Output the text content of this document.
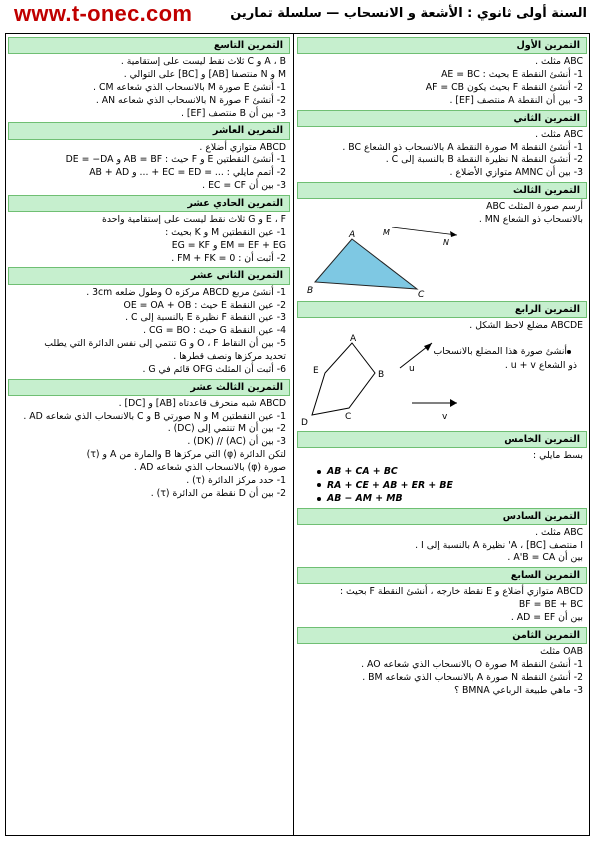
السنة أولى ثانوي : الأشعة و الانسحاب — سلسلة تمارين
www.t-onec.com
التمرين التاسع
A ، B و C ثلاث نقط ليست على إستقامية .
M و N منتصفا [AB] و [BC] على التوالي .
1- أنشئ E صورة M بالانسحاب الذي شعاعه CM .
2- أنشئ F صورة N بالانسحاب الذي شعاعه AN .
3- بين أن B منتصف [EF] .
التمرين العاشر
ABCD متوازي أضلاع .
1- أنشئ النقطتين E و F حيث : AB = BF و DE = −DA
2- أتمم مايلي : ... = EC = ED + ... و AB + AD
3- بين أن EC = CF .
التمرين الحادي عشر
E ، F و G ثلاث نقط ليست على إستقامية واحدة
1- عين النقطتين M و K بحيث :
EM = EF + EG و EG = KF
2- أثبت أن : FM + FK = 0 .
التمرين الثاني عشر
1- أنشئ مربع ABCD مركزه O وطول ضلعه 3cm .
2- عين النقطة E حيث : OE = OA + OB
3- عين النقطة F نظيرة E بالنسبة إلى C .
4- عين النقطة G حيث : CG = BO .
5- بين أن النقاط O ، F و G تنتمي إلى نفس الدائرة التي يطلب
تحديد مركزها ونصف قطرها .
6- أثبت أن المثلث OFG قائم في G .
التمرين الثالث عشر
ABCD شبه منحرف قاعدتاه [AB] و [DC] .
1- عين النقطتين M و N صورتي B و C بالانسحاب الذي شعاعه AD .
2- بين أن M تنتمي إلى (DC) .
3- بين أن (AC) // (DK) .
لتكن الدائرة (φ) التي مركزها B والمارة من A و (τ)
صورة (φ) بالانسحاب الذي شعاعه AD .
1- حدد مركز الدائرة (τ) .
2- بين أن D نقطة من الدائرة (τ) .
التمرين الأول
ABC مثلث .
1- أنشئ النقطة E بحيث : AE = BC
2- أنشئ النقطة F بحيث يكون AF = CB
3- بين أن النقطة A منتصف [EF] .
التمرين الثاني
ABC مثلث .
1- أنشئ النقطة M صورة النقطة A بالانسحاب ذو الشعاع BC .
2- أنشئ النقطة N نظيرة النقطة B بالنسبة إلى C .
3- بين أن AMNC متوازي الأضلاع .
التمرين الثالث
أرسم صورة المثلث ABC
بالانسحاب ذو الشعاع MN .
A
B	C
M
N
التمرين الرابع
ABCDE مضلع لاحظ الشكل .
A
B
C
D
E	u
v
أنشئ صورة هذا المضلع بالانسحاب
ذو الشعاع u + v .
التمرين الخامس
بسط مايلي :
AB + CA + BC
RA + CE + AB + ER + BE
AB − AM + MB
التمرين السادس
ABC مثلث .
I منتصف [BC] ، A' نظيرة A بالنسبة إلى I .
بين أن A'B = CA .
التمرين السابع
ABCD متوازي أضلاع و E نقطة خارجه ، أنشئ النقطة F بحيث :
BF = BE + BC
بين أن AD = EF .
التمرين الثامن
OAB مثلث
1- أنشئ النقطة M صورة O بالانسحاب الذي شعاعه AO .
2- أنشئ النقطة N صورة A بالانسحاب الذي شعاعه BM .
3- ماهي طبيعة الرباعي BMNA ؟
